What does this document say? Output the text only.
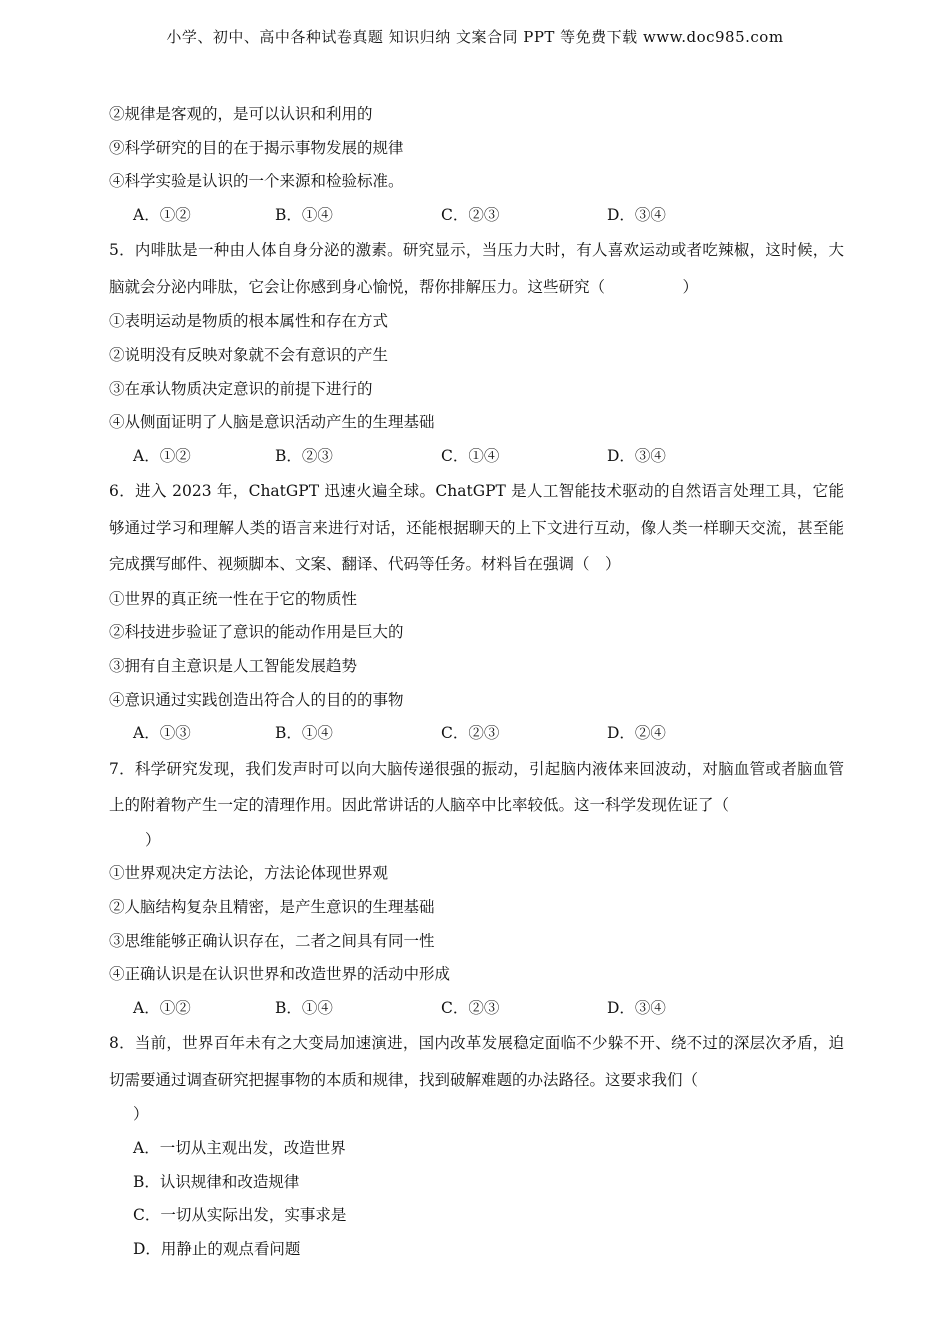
小学、初中、高中各种试卷真题 知识归纳 文案合同 PPT 等免费下载 www.doc985.com
②规律是客观的，是可以认识和利用的
⑨科学研究的目的在于揭示事物发展的规律
④科学实验是认识的一个来源和检验标准。
A．①②	B．①④	C．②③	D．③④
5．内啡肽是一种由人体自身分泌的激素。研究显示，当压力大时，有人喜欢运动或者吃辣椒，这时候，大脑就会分泌内啡肽，它会让你感到身心愉悦，帮你排解压力。这些研究（　　　　　）
①表明运动是物质的根本属性和存在方式
②说明没有反映对象就不会有意识的产生
③在承认物质决定意识的前提下进行的
④从侧面证明了人脑是意识活动产生的生理基础
A．①②	B．②③	C．①④	D．③④
6．进入 2023 年，ChatGPT 迅速火遍全球。ChatGPT 是人工智能技术驱动的自然语言处理工具，它能够通过学习和理解人类的语言来进行对话，还能根据聊天的上下文进行互动，像人类一样聊天交流，甚至能完成撰写邮件、视频脚本、文案、翻译、代码等任务。材料旨在强调（　）
①世界的真正统一性在于它的物质性
②科技进步验证了意识的能动作用是巨大的
③拥有自主意识是人工智能发展趋势
④意识通过实践创造出符合人的目的的事物
A．①③	B．①④	C．②③	D．②④
7．科学研究发现，我们发声时可以向大脑传递很强的振动，引起脑内液体来回波动，对脑血管或者脑血管上的附着物产生一定的清理作用。因此常讲话的人脑卒中比率较低。这一科学发现佐证了（
）
①世界观决定方法论，方法论体现世界观
②人脑结构复杂且精密，是产生意识的生理基础
③思维能够正确认识存在，二者之间具有同一性
④正确认识是在认识世界和改造世界的活动中形成
A．①②	B．①④	C．②③	D．③④
8．当前，世界百年未有之大变局加速演进，国内改革发展稳定面临不少躲不开、绕不过的深层次矛盾，迫切需要通过调查研究把握事物的本质和规律，找到破解难题的办法路径。这要求我们（
）
A．一切从主观出发，改造世界
B．认识规律和改造规律
C．一切从实际出发，实事求是
D．用静止的观点看问题
